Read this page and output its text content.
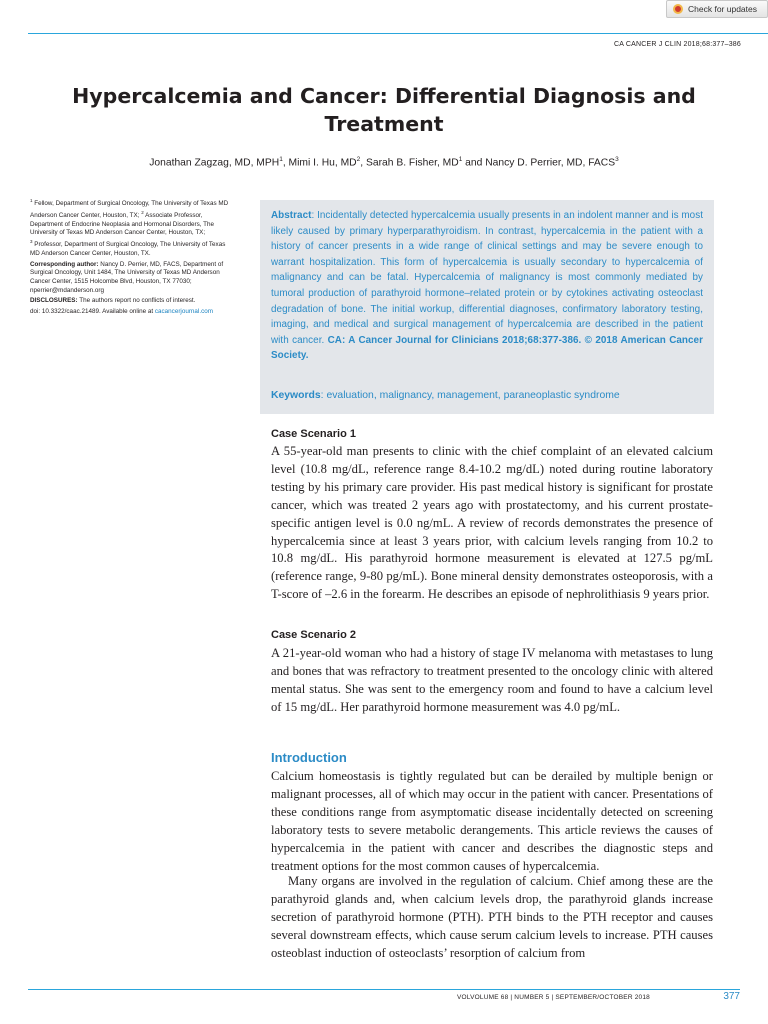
Check for updates
CA CANCER J CLIN 2018;68:377–386
Hypercalcemia and Cancer: Differential Diagnosis and Treatment
Jonathan Zagzag, MD, MPH$^1$, Mimi I. Hu, $MD^2$, Sarah B. Fisher, $MD^1$ and Nancy D. Perrier, MD, FACS$^3$

$^1$ Fellow, Department of Surgical Oncology, The University of Texas MD Anderson Cancer Center, Houston, TX; $^2$ Associate Professor, Department of Endocrine Neoplasia and Hormonal Disorders, The University of Texas MD Anderson Cancer Center, Houston, TX;
$^3$ Professor, Department of Surgical Oncology, The University of Texas MD Anderson Cancer Center, Houston, TX.

Corresponding author: Nancy D. Perrier, MD, FACS, Department of Surgical Oncology, Unit 1484, The University of Texas MD Anderson Cancer Center, 1515 Holcombe Blvd, Houston, TX 77030; nperrier@mdanderson.org

DISCLOSURES: The authors report no conflicts of interest.

doi: 10.3322/caac.21489. Available online at cacancerjournal.com

Abstract: Incidentally detected hypercalcemia usually presents in an indolent manner and is most likely caused by primary hyperparathyroidism. In contrast, hypercalcemia in the patient with a history of cancer presents in a wide range of clinical settings and may be severe enough to warrant hospitalization. This form of hypercalcemia is usually secondary to hypercalcemia of malignancy and can be fatal. Hypercalcemia of malignancy is most commonly mediated by tumoral production of parathyroid hormone–related protein or by cytokines activating osteoclast degradation of bone. The initial workup, differential diagnoses, confirmatory laboratory testing, imaging, and medical and surgical management of hypercalcemia are described in the patient with cancer. CA: A Cancer Journal for Clinicians 2018;68:377-386. © 2018 American Cancer Society.

Keywords: evaluation, malignancy, management, paraneoplastic syndrome

Case Scenario 1

A 55-year-old man presents to clinic with the chief complaint of an elevated calcium level (10.8 mg/dL, reference range 8.4-10.2 mg/dL) noted during routine laboratory testing by his primary care provider. His past medical history is significant for prostate cancer, which was treated 2 years ago with prostatectomy, and his current prostate-specific antigen level is 0.0 ng/mL. A review of records demonstrates the presence of hypercalcemia since at least 3 years prior, with calcium levels ranging from 10.2 to 10.8 mg/dL. His parathyroid hormone measurement is elevated at 127.5 pg/mL (reference range, 9-80 pg/mL). Bone mineral density demonstrates osteoporosis, with a T-score of –2.6 in the forearm. He describes an episode of nephrolithiasis 9 years prior.

Case Scenario 2

A 21-year-old woman who had a history of stage IV melanoma with metastases to lung and bones that was refractory to treatment presented to the oncology clinic with altered mental status. She was sent to the emergency room and found to have a calcium level of 15 mg/dL. Her parathyroid hormone measurement was 4.0 pg/mL.

Introduction

Calcium homeostasis is tightly regulated but can be derailed by multiple benign or malignant processes, all of which may occur in the patient with cancer. Presentations of these conditions range from asymptomatic disease incidentally detected on screening laboratory tests to severe metabolic derangements. This article reviews the causes of hypercalcemia in the patient with cancer and describes the diagnostic steps and treatment options for the most common causes of hypercalcemia.

Many organs are involved in the regulation of calcium. Chief among these are the parathyroid glands and, when calcium levels drop, the parathyroid glands increase secretion of parathyroid hormone (PTH). PTH binds to the PTH receptor and causes several downstream effects, which cause serum calcium levels to increase. PTH causes osteoblast induction of osteoclasts’ resorption of calcium from

VOLVOLUME 68 | NUMBER 5 | SEPTEMBER/OCTOBER 2018	377
